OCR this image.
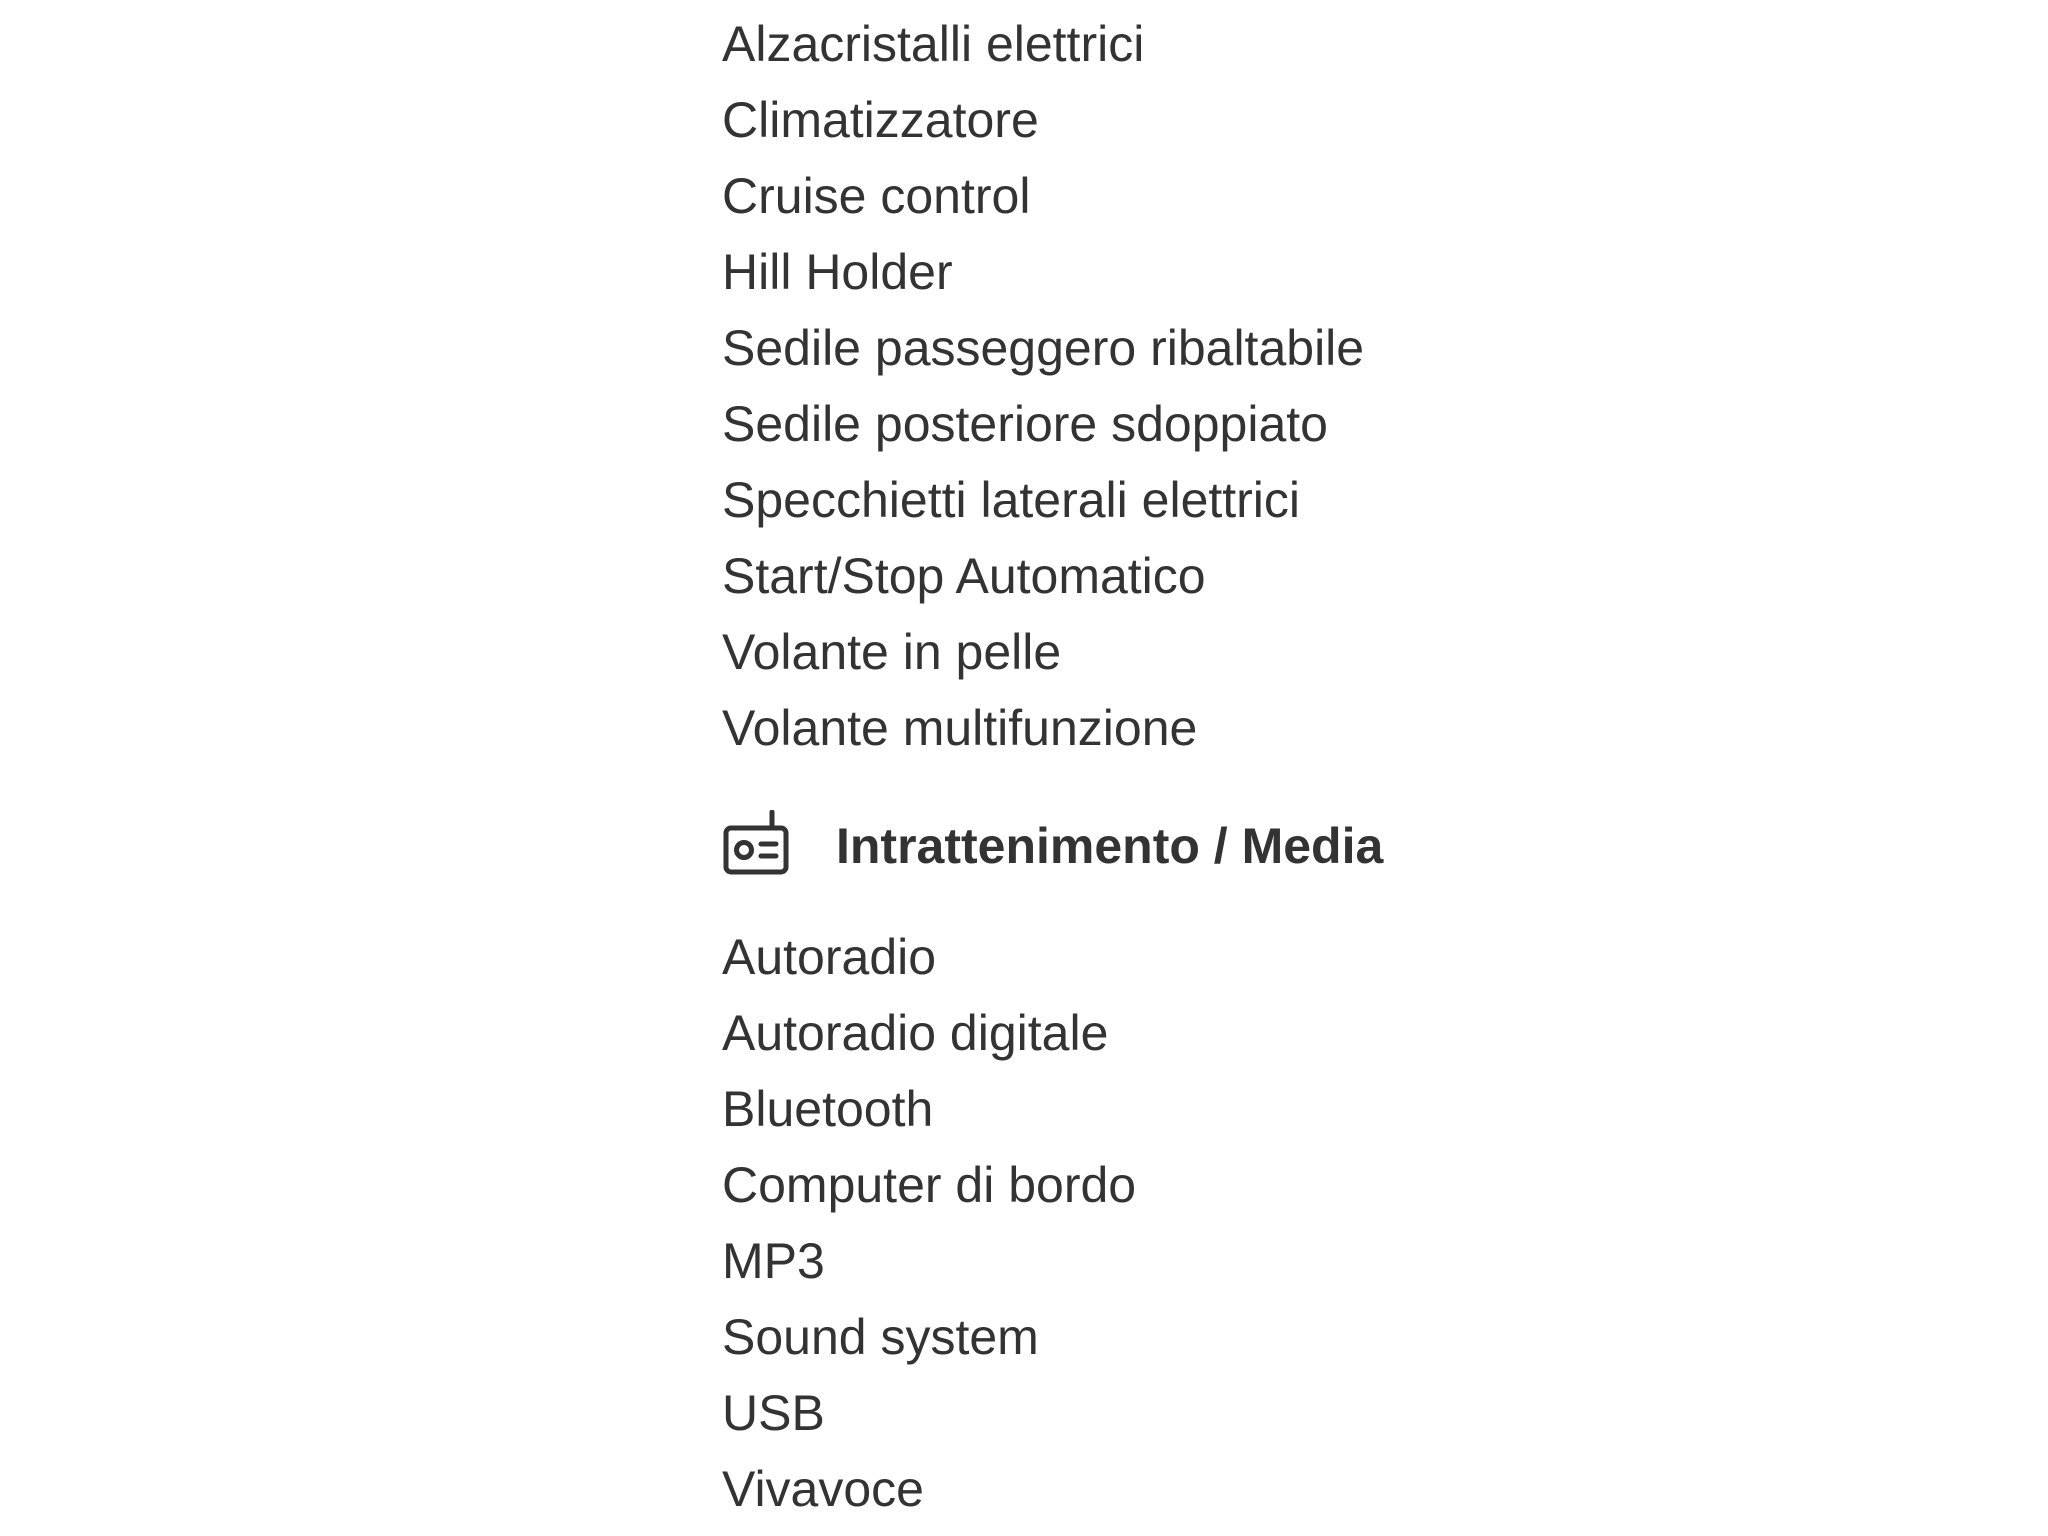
Alzacristalli elettrici
Climatizzatore
Cruise control
Hill Holder
Sedile passeggero ribaltabile
Sedile posteriore sdoppiato
Specchietti laterali elettrici
Start/Stop Automatico
Volante in pelle
Volante multifunzione
Intrattenimento / Media
Autoradio
Autoradio digitale
Bluetooth
Computer di bordo
MP3
Sound system
USB
Vivavoce
